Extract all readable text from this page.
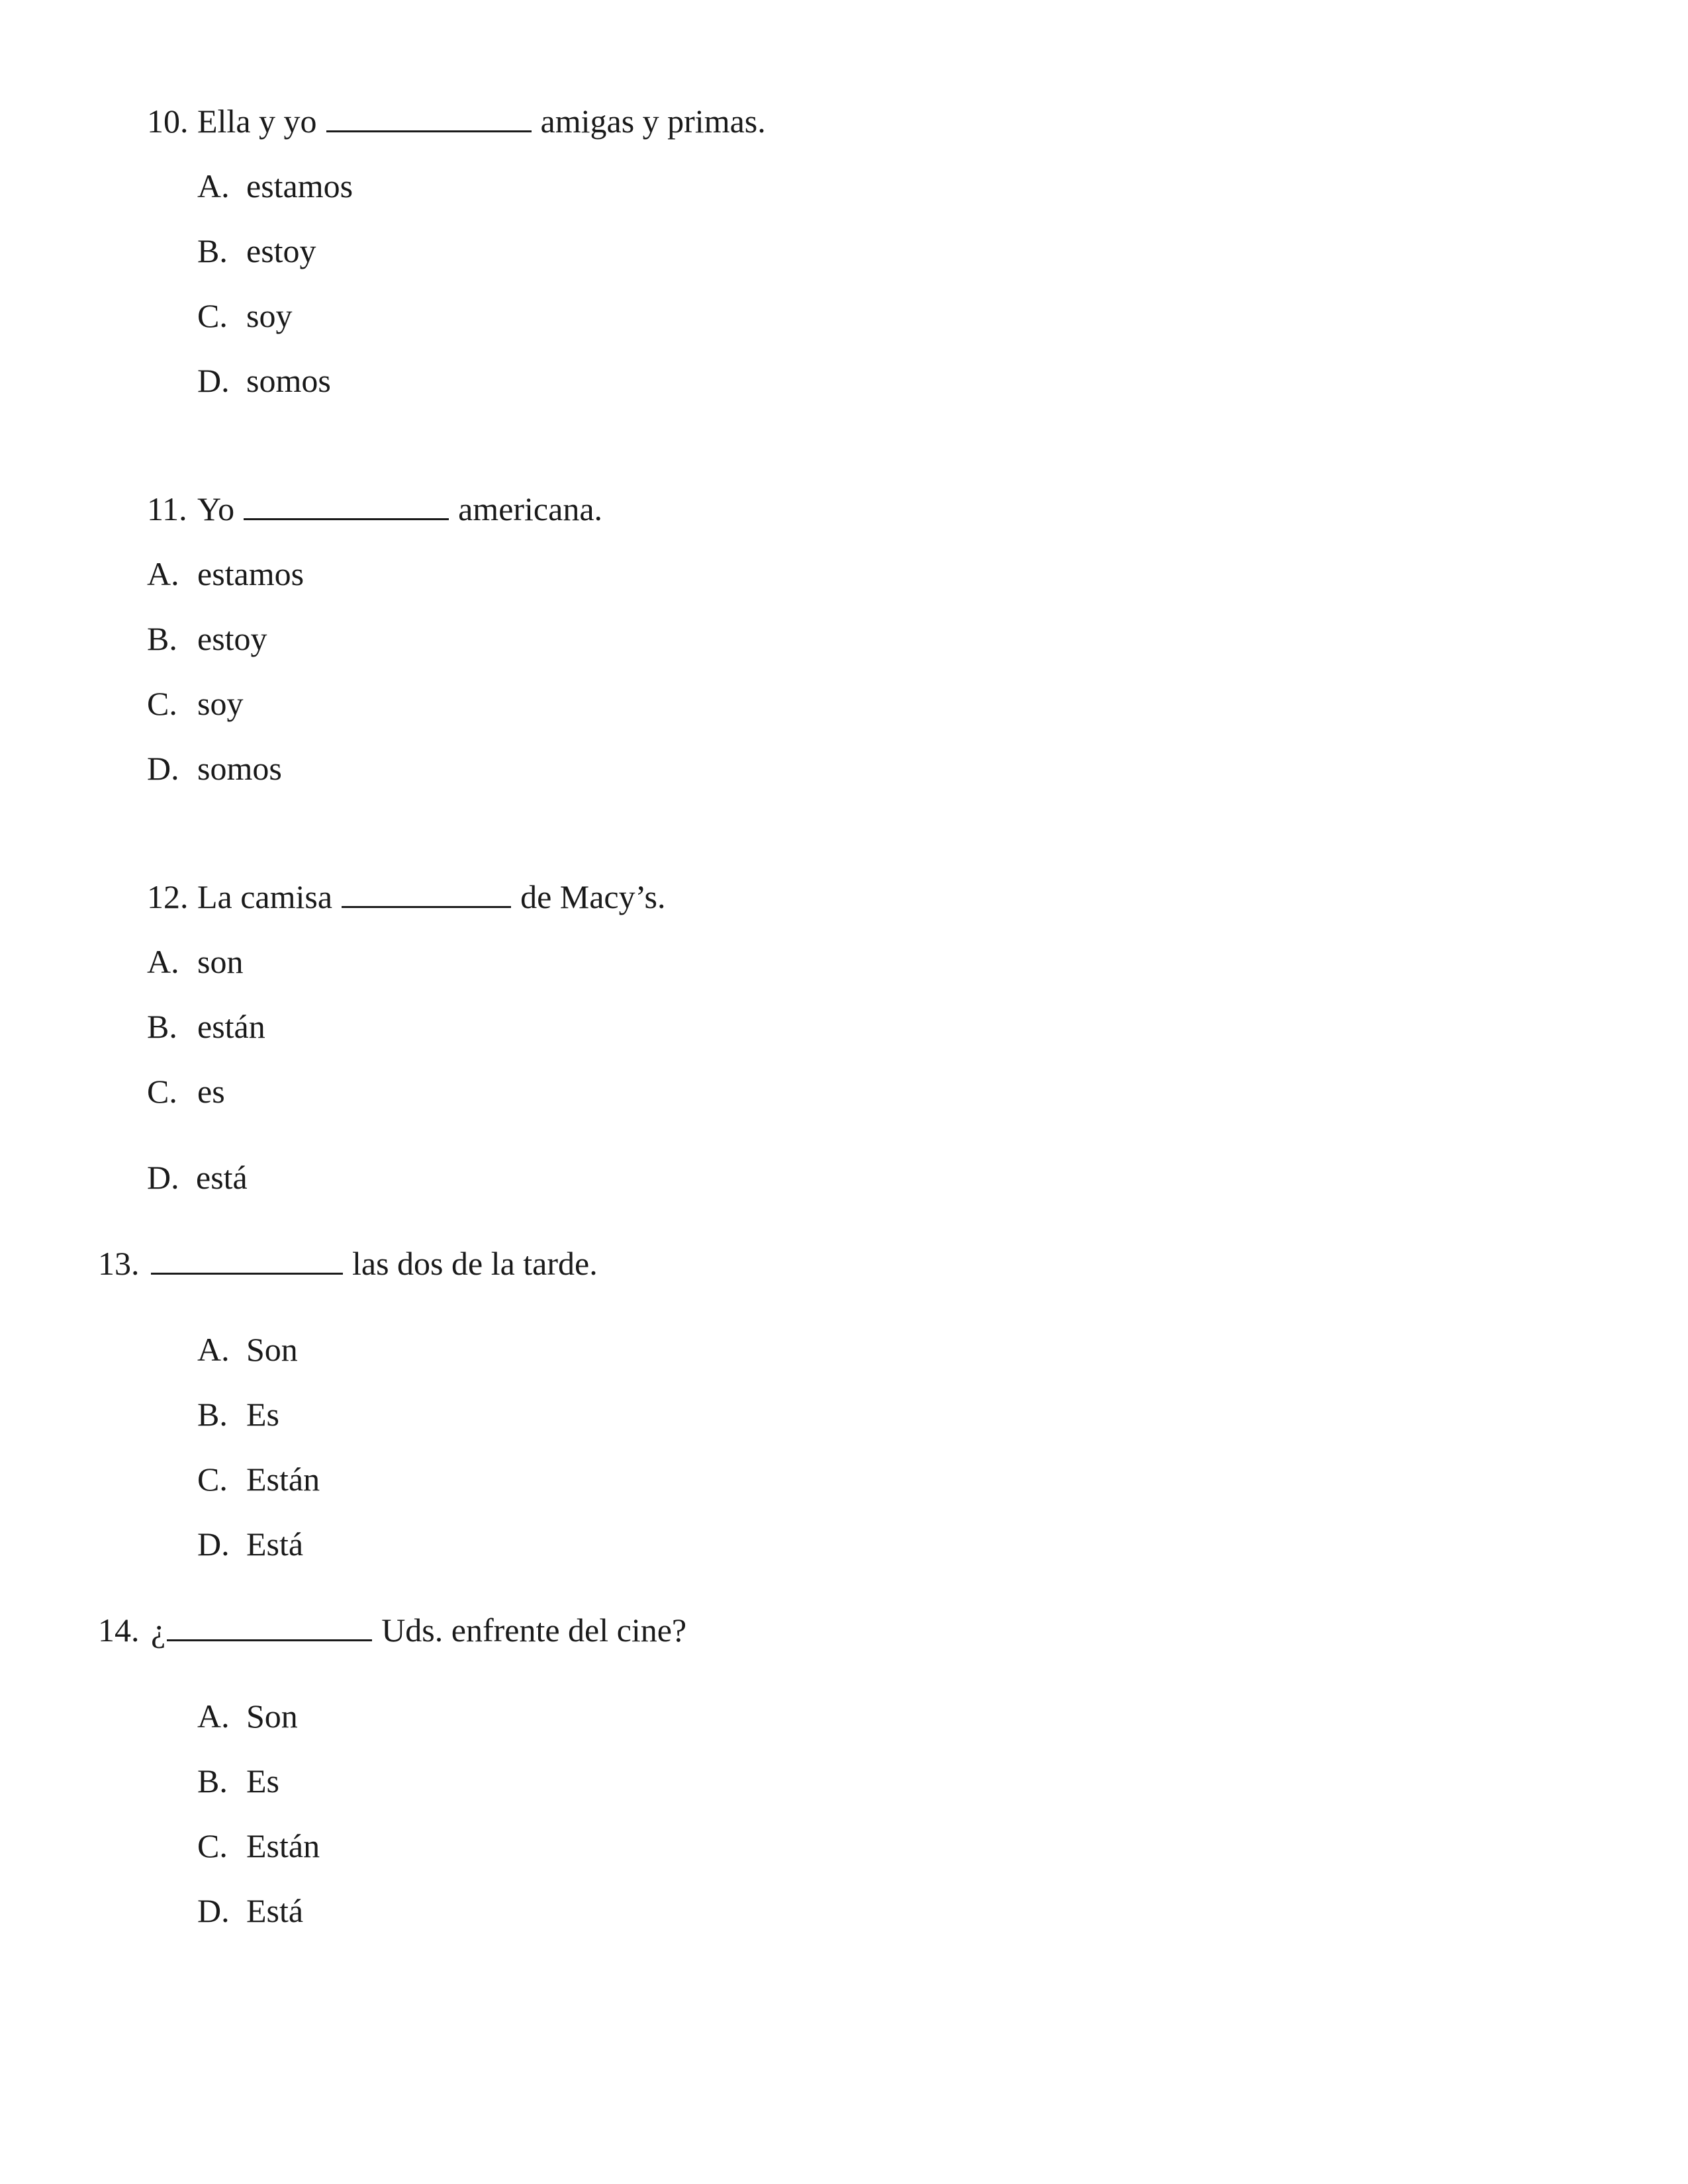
10. Ella y yo	amigas y primas.
A. estamos
B. estoy
C. soy
D. somos
11. Yo	americana.
A. estamos
B. estoy
C. soy
D. somos
12. La camisa	de Macy’s.
A. son
B. están
C. es
D. está
13.	las dos de la tarde.
A. Son
B. Es
C. Están
D. Está
14. ¿	Uds. enfrente del cine?
A. Son
B. Es
C. Están
D. Está
